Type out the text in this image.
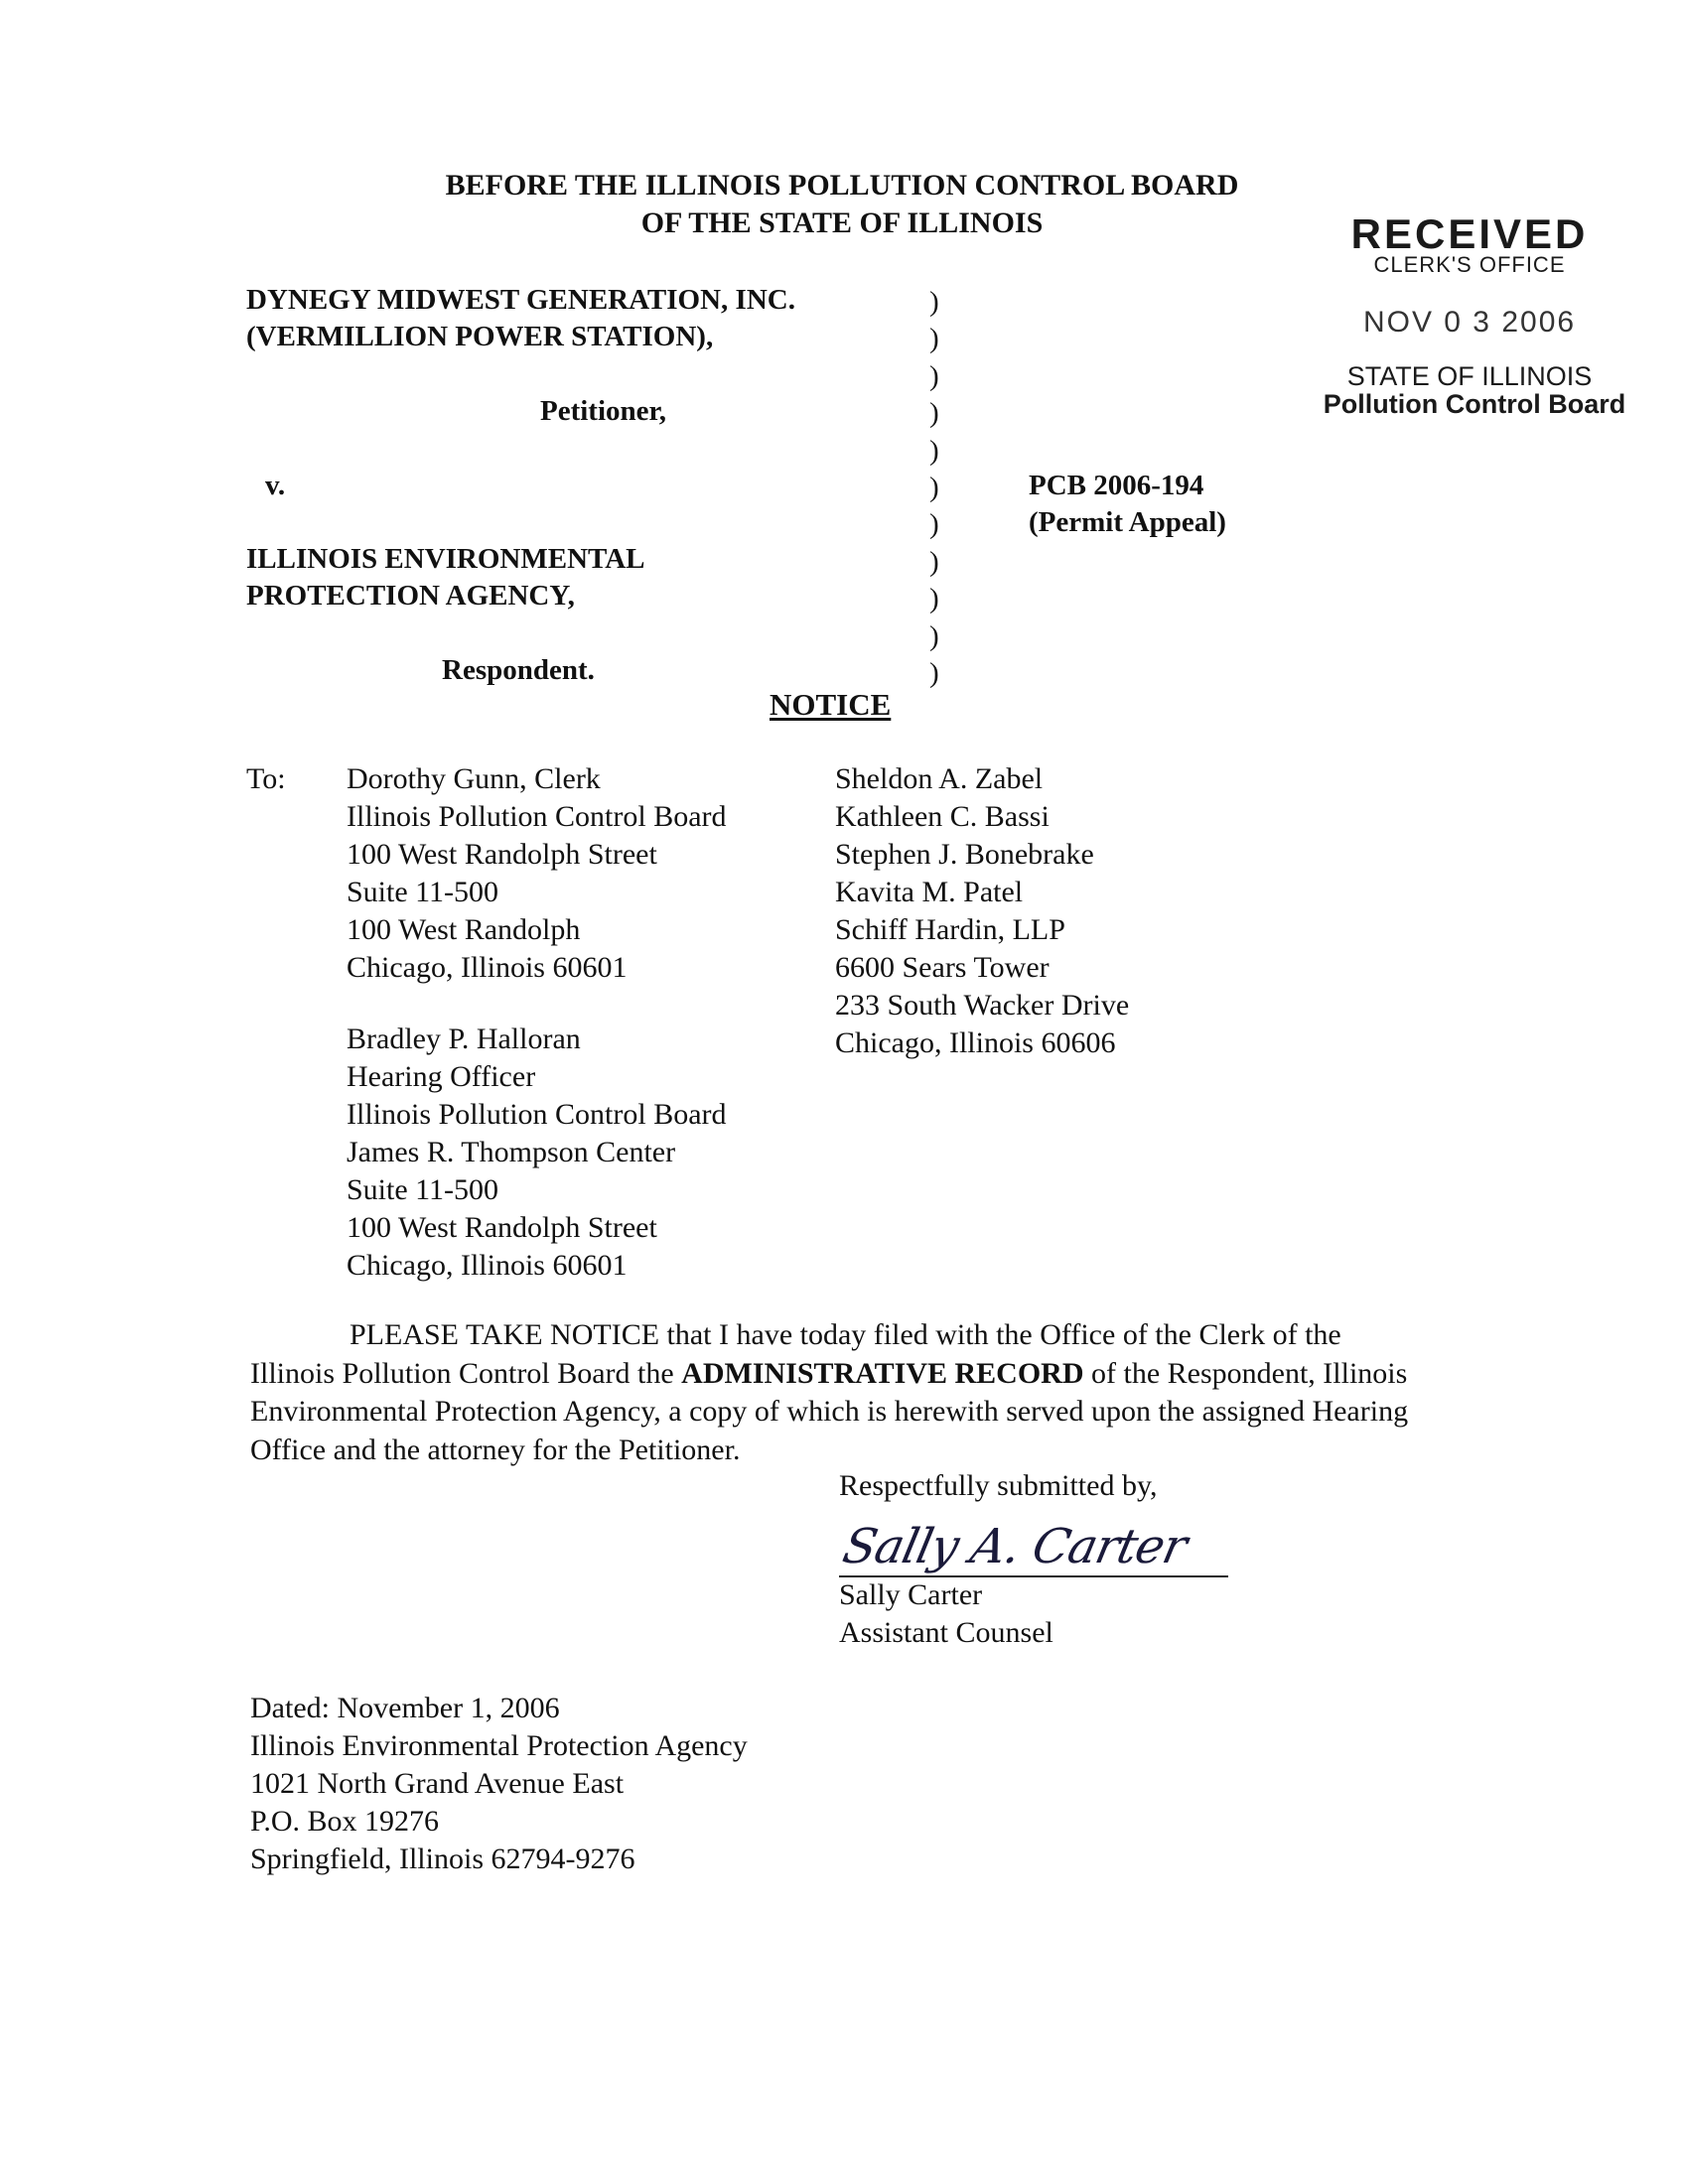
BEFORE THE ILLINOIS POLLUTION CONTROL BOARD
OF THE STATE OF ILLINOIS	RECEIVED
CLERK'S OFFICE
NOV 0 3 2006
STATE OF ILLINOIS
Pollution Control Board
DYNEGY MIDWEST GENERATION, INC.
(VERMILLION POWER STATION),
Petitioner,
v.
ILLINOIS ENVIRONMENTAL
PROTECTION AGENCY,
Respondent.
)
)
)
)
)
)
)
)
)
)
)
PCB 2006-194
(Permit Appeal)
NOTICE
To: Dorothy Gunn, Clerk
Illinois Pollution Control Board
100 West Randolph Street
Suite 11-500
100 West Randolph
Chicago, Illinois 60601
Bradley P. Halloran
Hearing Officer
Illinois Pollution Control Board
James R. Thompson Center
Suite 11-500
100 West Randolph Street
Chicago, Illinois 60601
Sheldon A. Zabel
Kathleen C. Bassi
Stephen J. Bonebrake
Kavita M. Patel
Schiff Hardin, LLP
6600 Sears Tower
233 South Wacker Drive
Chicago, Illinois 60606
PLEASE TAKE NOTICE that I have today filed with the Office of the Clerk of the Illinois Pollution Control Board the ADMINISTRATIVE RECORD of the Respondent, Illinois Environmental Protection Agency, a copy of which is herewith served upon the assigned Hearing Office and the attorney for the Petitioner.
Respectfully submitted by,
Sally A. Carter
Sally Carter
Assistant Counsel
Dated: November 1, 2006
Illinois Environmental Protection Agency
1021 North Grand Avenue East
P.O. Box 19276
Springfield, Illinois 62794-9276
